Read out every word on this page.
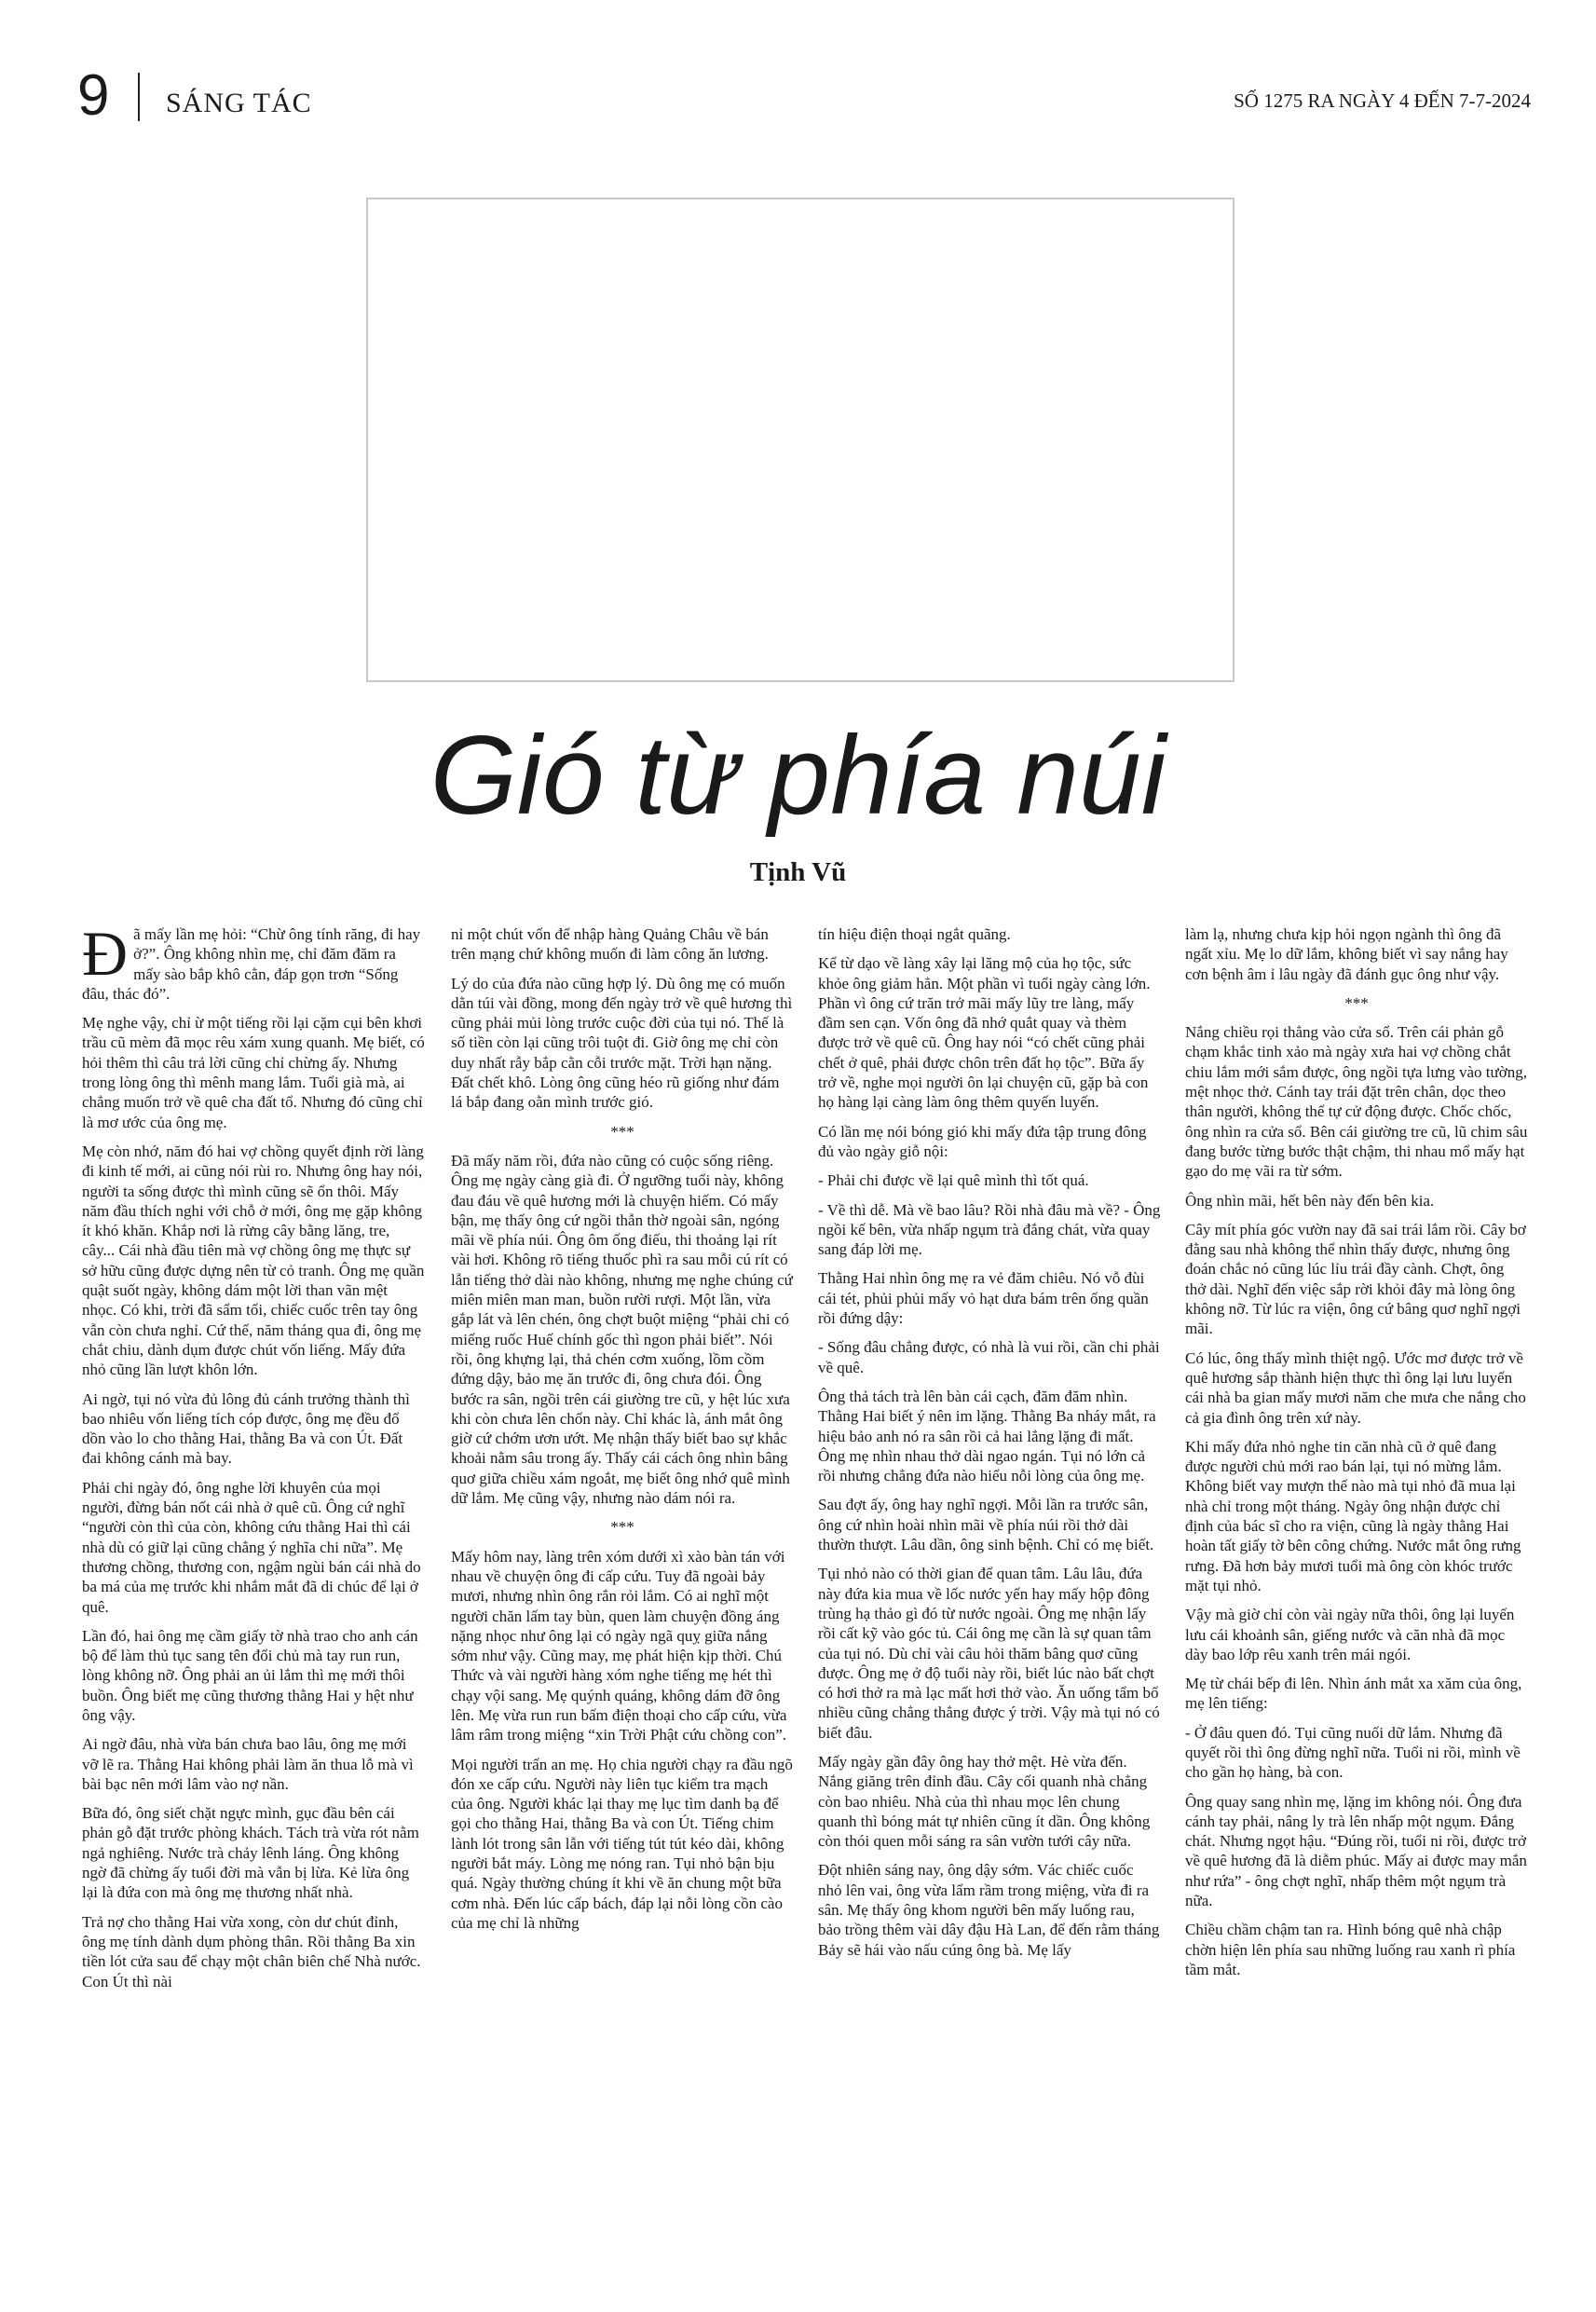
9 SÁNG TÁC	SỐ 1275 RA NGÀY 4 ĐẾN 7-7-2024
Gió từ phía núi
Tịnh Vũ

Đã mấy lần mẹ hỏi: “Chừ ông tính răng, đi hay ở?”. Ông không nhìn mẹ, chỉ đăm đăm ra mấy sào bắp khô cằn, đáp gọn trơn “Sống đâu, thác đó”.

Mẹ nghe vậy, chỉ ừ một tiếng rồi lại cặm cụi bên khơi trầu cũ mèm đã mọc rêu xám xung quanh. Mẹ biết, có hỏi thêm thì câu trả lời cũng chỉ chừng ấy. Nhưng trong lòng ông thì mênh mang lắm. Tuổi già mà, ai chẳng muốn trở về quê cha đất tổ. Nhưng đó cũng chỉ là mơ ước của ông mẹ.

Mẹ còn nhớ, năm đó hai vợ chồng quyết định rời làng đi kinh tế mới, ai cũng nói rùi ro. Nhưng ông hay nói, người ta sống được thì mình cũng sẽ ổn thôi. Mấy năm đầu thích nghi với chỗ ở mới, ông mẹ gặp không ít khó khăn. Khắp nơi là rừng cây bằng lăng, tre, cây... Cái nhà đầu tiên mà vợ chồng ông mẹ thực sự sở hữu cũng được dựng nên từ cỏ tranh. Ông mẹ quần quật suốt ngày, không dám một lời than vãn mệt nhọc. Có khi, trời đã sẩm tối, chiếc cuốc trên tay ông vẫn còn chưa nghỉ. Cứ thế, năm tháng qua đi, ông mẹ chắt chiu, dành dụm được chút vốn liếng. Mấy đứa nhỏ cũng lần lượt khôn lớn.

Ai ngờ, tụi nó vừa đủ lông đủ cánh trưởng thành thì bao nhiêu vốn liếng tích cóp được, ông mẹ đều đổ dồn vào lo cho thằng Hai, thằng Ba và con Út. Đất đai không cánh mà bay.

Phải chi ngày đó, ông nghe lời khuyên của mọi người, đừng bán nốt cái nhà ở quê cũ. Ông cứ nghĩ “người còn thì của còn, không cứu thằng Hai thì cái nhà dù có giữ lại cũng chẳng ý nghĩa chi nữa”. Mẹ thương chồng, thương con, ngậm ngùi bán cái nhà do ba má của mẹ trước khi nhắm mắt đã di chúc để lại ở quê.

Lần đó, hai ông mẹ cầm giấy tờ nhà trao cho anh cán bộ để làm thủ tục sang tên đổi chủ mà tay run run, lòng không nỡ. Ông phải an ủi lắm thì mẹ mới thôi buồn. Ông biết mẹ cũng thương thằng Hai y hệt như ông vậy.

Ai ngờ đâu, nhà vừa bán chưa bao lâu, ông mẹ mới vỡ lẽ ra. Thằng Hai không phải làm ăn thua lỗ mà vì bài bạc nên mới lâm vào nợ nần.

Bữa đó, ông siết chặt ngực mình, gục đầu bên cái phản gỗ đặt trước phòng khách. Tách trà vừa rót nằm ngả nghiêng. Nước trà chảy lênh láng. Ông không ngờ đã chừng ấy tuổi đời mà vẫn bị lừa. Kẻ lừa ông lại là đứa con mà ông mẹ thương nhất nhà.

Trả nợ cho thằng Hai vừa xong, còn dư chút đỉnh, ông mẹ tính dành dụm phòng thân. Rồi thằng Ba xin tiền lót cửa sau để chạy một chân biên chế Nhà nước. Con Út thì nài

nỉ một chút vốn để nhập hàng Quảng Châu về bán trên mạng chứ không muốn đi làm công ăn lương.

Lý do của đứa nào cũng hợp lý. Dù ông mẹ có muốn dằn túi vài đồng, mong đến ngày trở về quê hương thì cũng phải mủi lòng trước cuộc đời của tụi nó. Thế là số tiền còn lại cũng trôi tuột đi. Giờ ông mẹ chỉ còn duy nhất rẫy bắp cằn cỗi trước mặt. Trời hạn nặng. Đất chết khô. Lòng ông cũng héo rũ giống như đám lá bắp đang oằn mình trước gió.

***

Đã mấy năm rồi, đứa nào cũng có cuộc sống riêng. Ông mẹ ngày càng già đi. Ở ngưỡng tuổi này, không đau đáu về quê hương mới là chuyện hiếm. Có mấy bận, mẹ thấy ông cứ ngồi thẫn thờ ngoài sân, ngóng mãi về phía núi. Ông ôm ống điếu, thi thoảng lại rít vài hơi. Không rõ tiếng thuốc phì ra sau mỗi cú rít có lẫn tiếng thở dài nào không, nhưng mẹ nghe chúng cứ miên miên man man, buồn rười rượi. Một lần, vừa gắp lát và lên chén, ông chợt buột miệng “phải chi có miếng ruốc Huế chính gốc thì ngon phải biết”. Nói rồi, ông khựng lại, thả chén cơm xuống, lồm cồm đứng dậy, bảo mẹ ăn trước đi, ông chưa đói. Ông bước ra sân, ngồi trên cái giường tre cũ, y hệt lúc xưa khi còn chưa lên chốn này. Chỉ khác là, ánh mắt ông giờ cứ chớm ươn ướt. Mẹ nhận thấy biết bao sự khắc khoải nằm sâu trong ấy. Thấy cái cách ông nhìn bâng quơ giữa chiều xám ngoắt, mẹ biết ông nhớ quê mình dữ lắm. Mẹ cũng vậy, nhưng nào dám nói ra.

***

Mấy hôm nay, làng trên xóm dưới xì xào bàn tán với nhau về chuyện ông đi cấp cứu. Tuy đã ngoài bảy mươi, nhưng nhìn ông rắn rỏi lắm. Có ai nghĩ một người chăn lấm tay bùn, quen làm chuyện đồng áng nặng nhọc như ông lại có ngày ngã quỵ giữa nắng sớm như vậy. Cũng may, mẹ phát hiện kịp thời. Chú Thức và vài người hàng xóm nghe tiếng mẹ hét thì chạy vội sang. Mẹ quýnh quáng, không dám đỡ ông lên. Mẹ vừa run run bấm điện thoại cho cấp cứu, vừa lâm râm trong miệng “xin Trời Phật cứu chồng con”.

Mọi người trấn an mẹ. Họ chia người chạy ra đầu ngõ đón xe cấp cứu. Người này liên tục kiểm tra mạch của ông. Người khác lại thay mẹ lục tìm danh bạ để gọi cho thằng Hai, thằng Ba và con Út. Tiếng chim lành lót trong sân lẫn với tiếng tút tút kéo dài, không người bắt máy. Lòng mẹ nóng ran. Tụi nhỏ bận bịu quá. Ngày thường chúng ít khi về ăn chung một bữa cơm nhà. Đến lúc cấp bách, đáp lại nỗi lòng cồn cào của mẹ chỉ là những

tín hiệu điện thoại ngắt quãng.

Kể từ dạo về làng xây lại lăng mộ của họ tộc, sức khỏe ông giảm hẳn. Một phần vì tuổi ngày càng lớn. Phần vì ông cứ trăn trở mãi mấy lũy tre làng, mấy đầm sen cạn. Vốn ông đã nhớ quắt quay và thèm được trở về quê cũ. Ông hay nói “có chết cũng phải chết ở quê, phải được chôn trên đất họ tộc”. Bữa ấy trở về, nghe mọi người ôn lại chuyện cũ, gặp bà con họ hàng lại càng làm ông thêm quyến luyến.

Có lần mẹ nói bóng gió khi mấy đứa tập trung đông đủ vào ngày giỗ nội:

- Phải chi được về lại quê mình thì tốt quá.

- Về thì dễ. Mà về bao lâu? Rồi nhà đâu mà về? - Ông ngồi kế bên, vừa nhấp ngụm trà đắng chát, vừa quay sang đáp lời mẹ.

Thằng Hai nhìn ông mẹ ra vẻ đăm chiêu. Nó vỗ đùi cái tét, phủi phủi mấy vỏ hạt dưa bám trên ống quần rồi đứng dậy:

- Sống đâu chẳng được, có nhà là vui rồi, cần chi phải về quê.

Ông thả tách trà lên bàn cái cạch, đăm đăm nhìn. Thằng Hai biết ý nên im lặng. Thằng Ba nháy mắt, ra hiệu bảo anh nó ra sân rồi cả hai lẳng lặng đi mất. Ông mẹ nhìn nhau thở dài ngao ngán. Tụi nó lớn cả rồi nhưng chẳng đứa nào hiểu nỗi lòng của ông mẹ.

Sau đợt ấy, ông hay nghĩ ngợi. Mỗi lần ra trước sân, ông cứ nhìn hoài nhìn mãi về phía núi rồi thở dài thườn thượt. Lâu dần, ông sinh bệnh. Chỉ có mẹ biết.

Tụi nhỏ nào có thời gian để quan tâm. Lâu lâu, đứa này đứa kia mua về lốc nước yến hay mấy hộp đông trùng hạ thảo gì đó từ nước ngoài. Ông mẹ nhận lấy rồi cất kỹ vào góc tủ. Cái ông mẹ cần là sự quan tâm của tụi nó. Dù chỉ vài câu hỏi thăm bâng quơ cũng được. Ông mẹ ở độ tuổi này rồi, biết lúc nào bất chợt có hơi thở ra mà lạc mất hơi thở vào. Ăn uống tẩm bổ nhiều cũng chẳng thẳng được ý trời. Vậy mà tụi nó có biết đâu.

Mấy ngày gần đây ông hay thở mệt. Hè vừa đến. Nắng giăng trên đỉnh đầu. Cây cối quanh nhà chẳng còn bao nhiêu. Nhà của thì nhau mọc lên chung quanh thì bóng mát tự nhiên cũng ít dần. Ông không còn thói quen mỗi sáng ra sân vườn tưới cây nữa.

Đột nhiên sáng nay, ông dậy sớm. Vác chiếc cuốc nhỏ lên vai, ông vừa lẩm rầm trong miệng, vừa đi ra sân. Mẹ thấy ông khom người bên mấy luống rau, bảo trồng thêm vài dây đậu Hà Lan, để đến rằm tháng Bảy sẽ hái vào nấu cúng ông bà. Mẹ lấy

làm lạ, nhưng chưa kịp hỏi ngọn ngành thì ông đã ngất xỉu. Mẹ lo dữ lắm, không biết vì say nắng hay cơn bệnh âm ỉ lâu ngày đã đánh gục ông như vậy.

***

Nắng chiều rọi thẳng vào cửa sổ. Trên cái phản gỗ chạm khắc tinh xảo mà ngày xưa hai vợ chồng chắt chiu lắm mới sắm được, ông ngồi tựa lưng vào tường, mệt nhọc thở. Cánh tay trái đặt trên chân, dọc theo thân người, không thể tự cử động được. Chốc chốc, ông nhìn ra cửa sổ. Bên cái giường tre cũ, lũ chim sâu đang bước từng bước thật chậm, thi nhau mổ mấy hạt gạo do mẹ vãi ra từ sớm.

Ông nhìn mãi, hết bên này đến bên kia.

Cây mít phía góc vườn nay đã sai trái lắm rồi. Cây bơ đằng sau nhà không thể nhìn thấy được, nhưng ông đoán chắc nó cũng lúc lỉu trái đầy cành. Chợt, ông thở dài. Nghĩ đến việc sắp rời khỏi đây mà lòng ông không nỡ. Từ lúc ra viện, ông cứ bâng quơ nghĩ ngợi mãi.

Có lúc, ông thấy mình thiệt ngộ. Ước mơ được trở về quê hương sắp thành hiện thực thì ông lại lưu luyến cái nhà ba gian mấy mươi năm che mưa che nắng cho cả gia đình ông trên xứ này.

Khi mấy đứa nhỏ nghe tin căn nhà cũ ở quê đang được người chủ mới rao bán lại, tụi nó mừng lắm. Không biết vay mượn thế nào mà tụi nhỏ đã mua lại nhà chỉ trong một tháng. Ngày ông nhận được chỉ định của bác sĩ cho ra viện, cũng là ngày thằng Hai hoàn tất giấy tờ bên công chứng. Nước mắt ông rưng rưng. Đã hơn bảy mươi tuổi mà ông còn khóc trước mặt tụi nhỏ.

Vậy mà giờ chỉ còn vài ngày nữa thôi, ông lại luyến lưu cái khoảnh sân, giếng nước và căn nhà đã mọc dày bao lớp rêu xanh trên mái ngói.

Mẹ từ chái bếp đi lên. Nhìn ánh mắt xa xăm của ông, mẹ lên tiếng:

- Ở đâu quen đó. Tụi cũng nuối dữ lắm. Nhưng đã quyết rồi thì ông đừng nghĩ nữa. Tuổi ni rồi, mình về cho gần họ hàng, bà con.

Ông quay sang nhìn mẹ, lặng im không nói. Ông đưa cánh tay phải, nâng ly trà lên nhấp một ngụm. Đắng chát. Nhưng ngọt hậu. “Đúng rồi, tuổi ni rồi, được trở về quê hương đã là diễm phúc. Mấy ai được may mắn như rứa” - ông chợt nghĩ, nhấp thêm một ngụm trà nữa.

Chiều chầm chậm tan ra. Hình bóng quê nhà chập chờn hiện lên phía sau những luống rau xanh rì phía tầm mắt.
